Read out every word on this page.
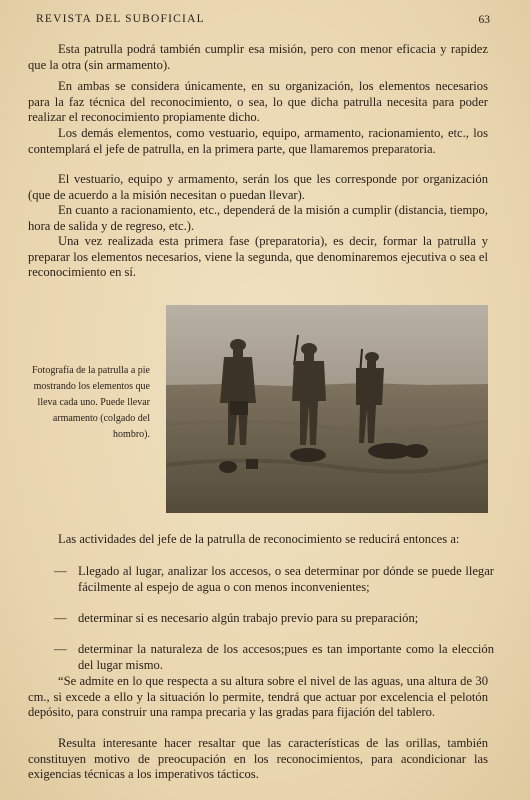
REVISTA DEL SUBOFICIAL	63

Esta patrulla podrá también cumplir esa misión, pero con menor eficacia y rapidez que la otra (sin armamento).

En ambas se considera únicamente, en su organización, los elementos necesarios para la faz técnica del reconocimiento, o sea, lo que dicha patrulla necesita para poder realizar el reconocimiento propiamente dicho.

Los demás elementos, como vestuario, equipo, armamento, racionamiento, etc., los contemplará el jefe de patrulla, en la primera parte, que llamaremos preparatoria.

El vestuario, equipo y armamento, serán los que les corresponde por organización (que de acuerdo a la misión necesitan o puedan llevar).

En cuanto a racionamiento, etc., dependerá de la misión a cumplir (distancia, tiempo, hora de salida y de regreso, etc.).

Una vez realizada esta primera fase (preparatoria), es decir, formar la patrulla y preparar los elementos necesarios, viene la segunda, que denominaremos ejecutiva o sea el reconocimiento en sí.

Fotografía de la patrulla a pie mostrando los elementos que lleva cada uno. Puede llevar armamento (colgado del hombro).

Las actividades del jefe de la patrulla de reconocimiento se reducirá entonces a:

— Llegado al lugar, analizar los accesos, o sea determinar por dónde se puede llegar fácilmente al espejo de agua o con menos inconvenientes;
— determinar si es necesario algún trabajo previo para su preparación;
— determinar la naturaleza de los accesos;pues es tan importante como la elección del lugar mismo.

“Se admite en lo que respecta a su altura sobre el nivel de las aguas, una altura de 30 cm., si excede a ello y la situación lo permite, tendrá que actuar por excelencia el pelotón depósito, para construir una rampa precaria y las gradas para fijación del tablero.

Resulta interesante hacer resaltar que las características de las orillas, también constituyen motivo de preocupación en los reconocimientos, para acondicionar las exigencias técnicas a los imperativos tácticos.
